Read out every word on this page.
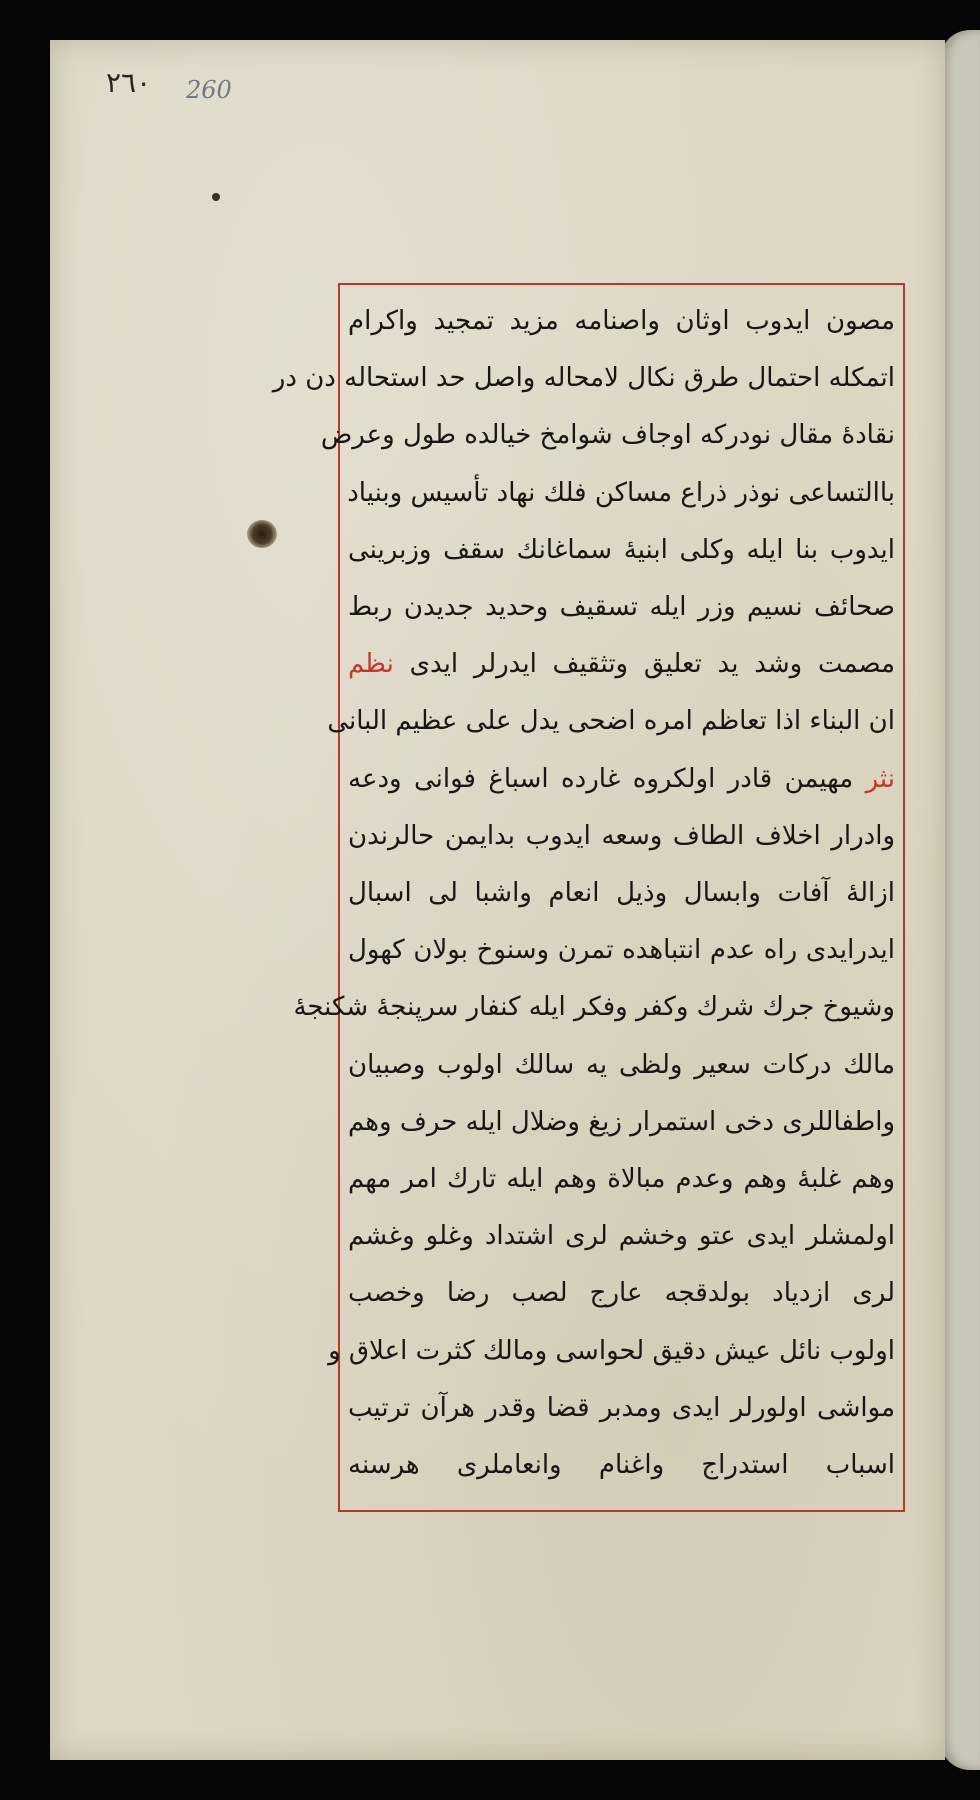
٢٦٠ 260
مصون ایدوب اوثان واصنامه مزید تمجید واکرام
اتمکله احتمال طرق نکال لامحاله واصل حد استحاله دن در
نقادهٔ مقال نودرکه اوجاف شوامخ خیالده طول وعرض
باالتساعی نوذر ذراع مساکن فلك نهاد تأسیس وبنیاد
ایدوب بنا ایله وکلی ابنیهٔ سماغانك سقف وزبرینی
صحائف نسیم وزر ایله تسقیف وحدید جدیدن ربط
مصمت وشد ید تعلیق وتثقیف ایدرلر ایدی نظم
ان البناء اذا تعاظم امره اضحی یدل علی عظیم البانی
نثر مهیمن قادر اولکروه غارده اسباغ فوانی ودعه
وادرار اخلاف الطاف وسعه ایدوب بدایمن حالرندن
ازالهٔ آفات وابسال وذیل انعام واشبا لی اسبال
ایدرایدی راه عدم انتباهده تمرن وسنوخ بولان کهول
وشیوخ جرك شرك وکفر وفکر ایله کنفار سرپنجهٔ شکنجهٔ
مالك درکات سعیر ولظی یه سالك اولوب وصبیان
واطفاللری دخی استمرار زیغ وضلال ایله حرف وهم
وهم غلبهٔ وهم وعدم مبالاة وهم ایله تارك امر مهم
اولمشلر ایدی عتو وخشم لری اشتداد وغلو وغشم
لری ازدیاد بولدقجه عارج لصب رضا وخصب
اولوب نائل عیش دقیق لحواسی ومالك کثرت اعلاق و
مواشی اولورلر ایدی ومدبر قضا وقدر هرآن ترتیب
اسباب استدراج واغنام وانعاملری هرسنه
